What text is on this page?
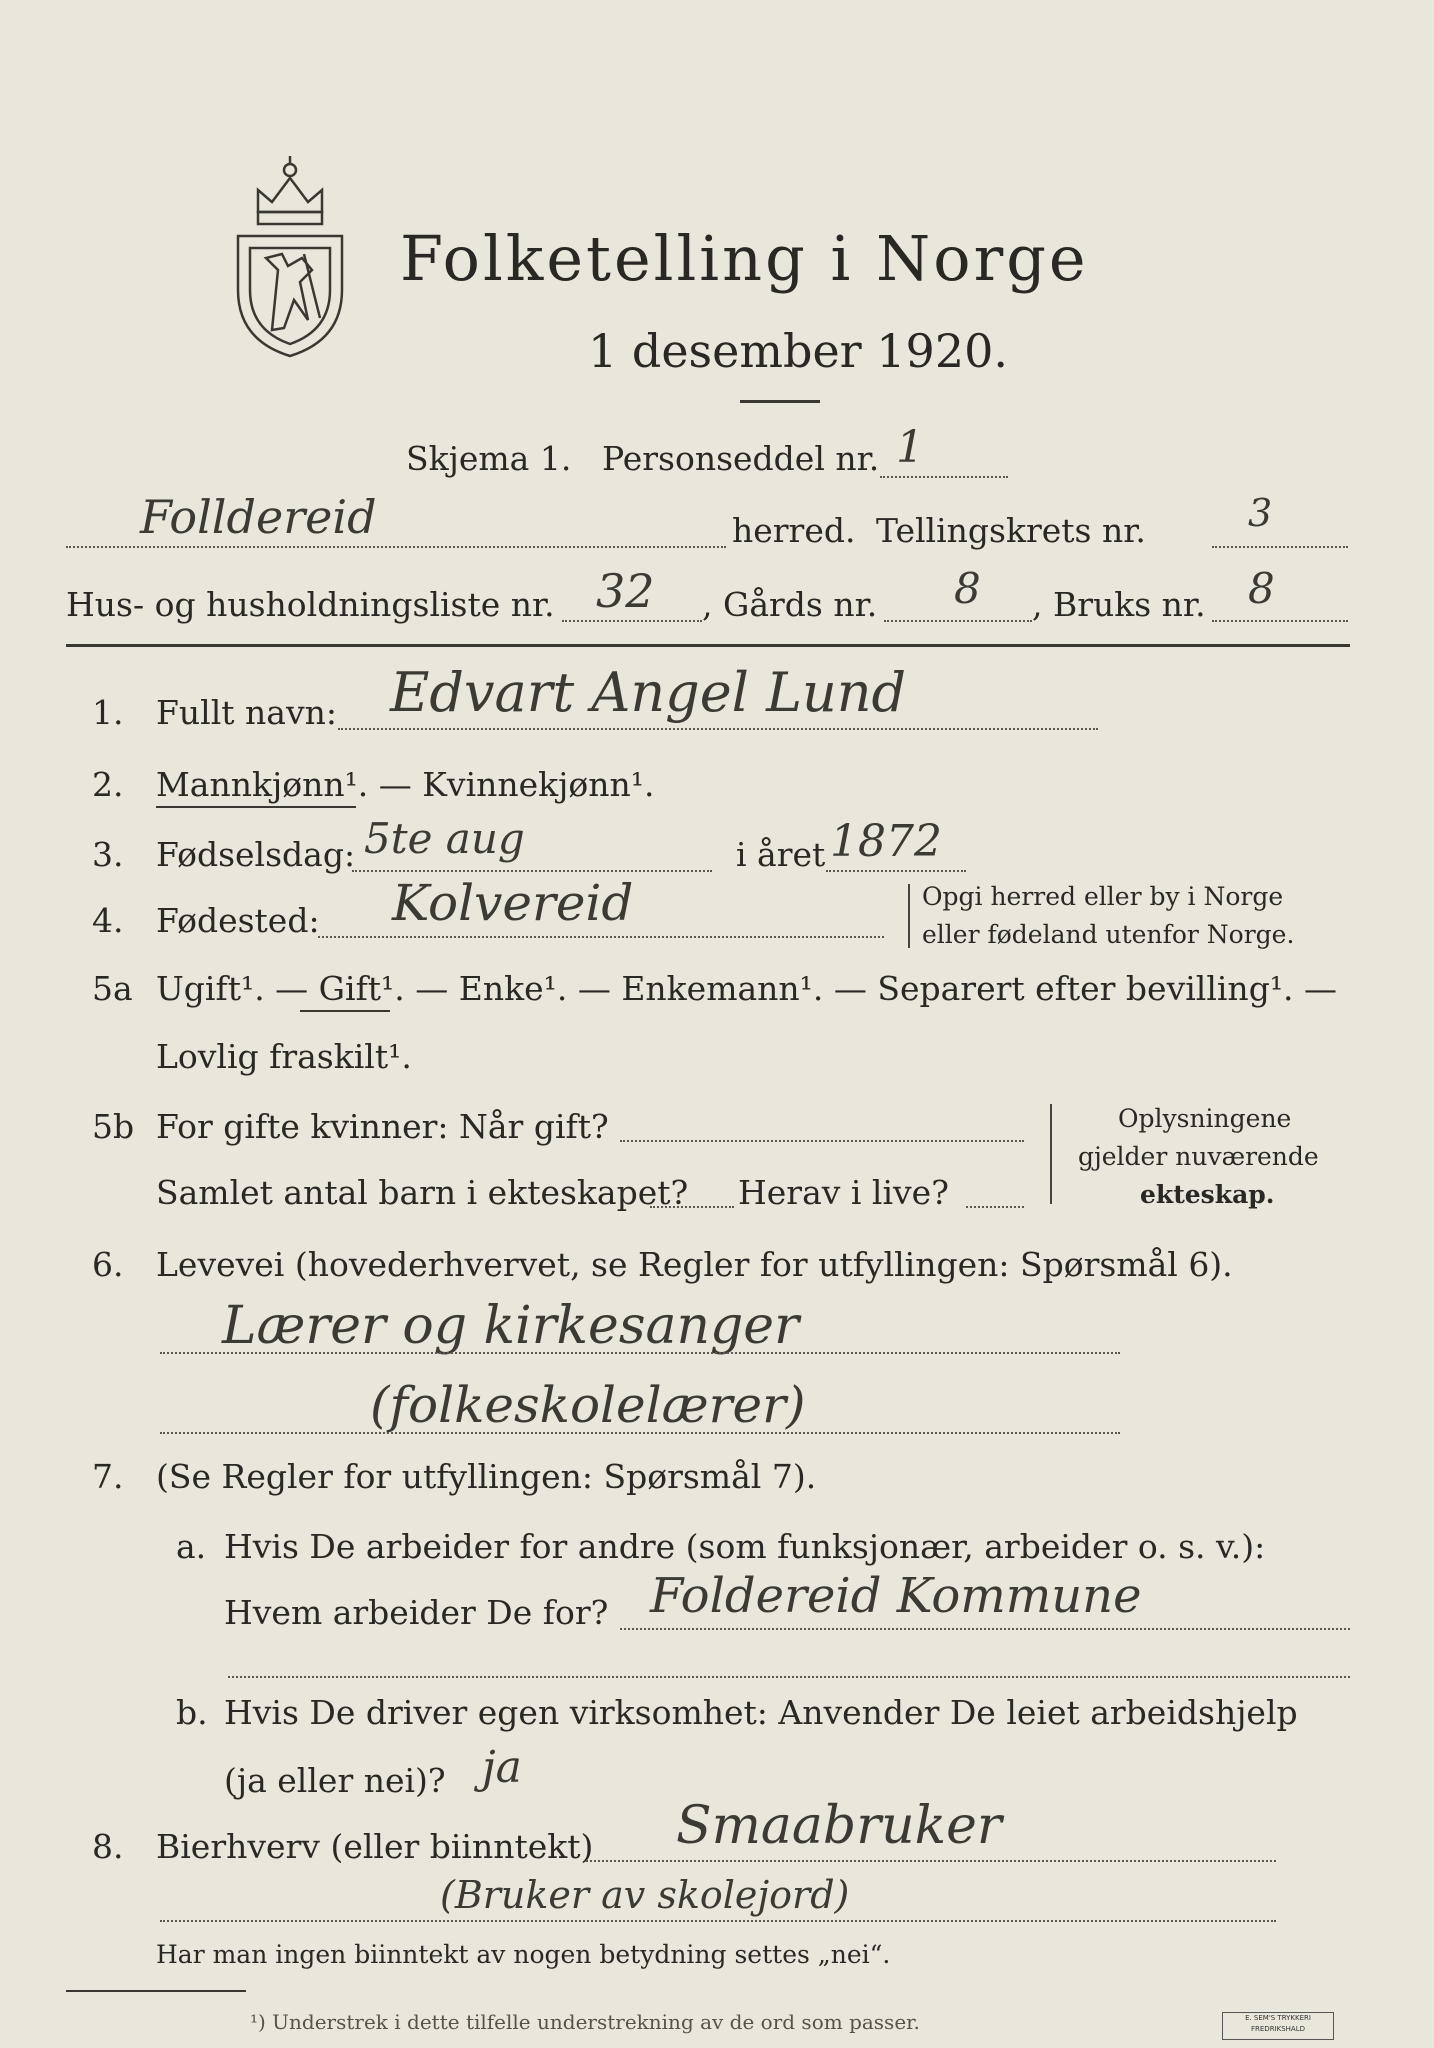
Folketelling i Norge
1 desember 1920.
Skjema 1. Personseddel nr. 1
Folldereid	herred. Tellingskrets nr.	3
Hus- og husholdningsliste nr. 32 , Gårds nr. 8 , Bruks nr. 8
1. Fullt navn: Edvart Angel Lund
2. Mannkjønn¹. — Kvinnekjønn¹.
3. Fødselsdag: 5te aug	i året 1872
4. Fødested: Kolvereid	Opgi herred eller by i Norge
eller fødeland utenfor Norge.
5a Ugift¹. — Gift¹. — Enke¹. — Enkemann¹. — Separert efter bevilling¹. —
Lovlig fraskilt¹.
5b For gifte kvinner: Når gift?
Samlet antal barn i ekteskapet? Herav i live?
Oplysningene
gjelder nuværende
ekteskap.
6. Levevei (hovederhvervet, se Regler for utfyllingen: Spørsmål 6).
Lærer og kirkesanger
(folkeskolelærer)
7. (Se Regler for utfyllingen: Spørsmål 7).
a. Hvis De arbeider for andre (som funksjonær, arbeider o. s. v.):
Hvem arbeider De for? Foldereid Kommune
b. Hvis De driver egen virksomhet: Anvender De leiet arbeidshjelp
(ja eller nei)? ja
8. Bierhverv (eller biinntekt) Smaabruker
(Bruker av skolejord)
Har man ingen biinntekt av nogen betydning settes „nei“.
¹) Understrek i dette tilfelle understrekning av de ord som passer.	E. SEM'S TRYKKERI FREDRIKSHALD
